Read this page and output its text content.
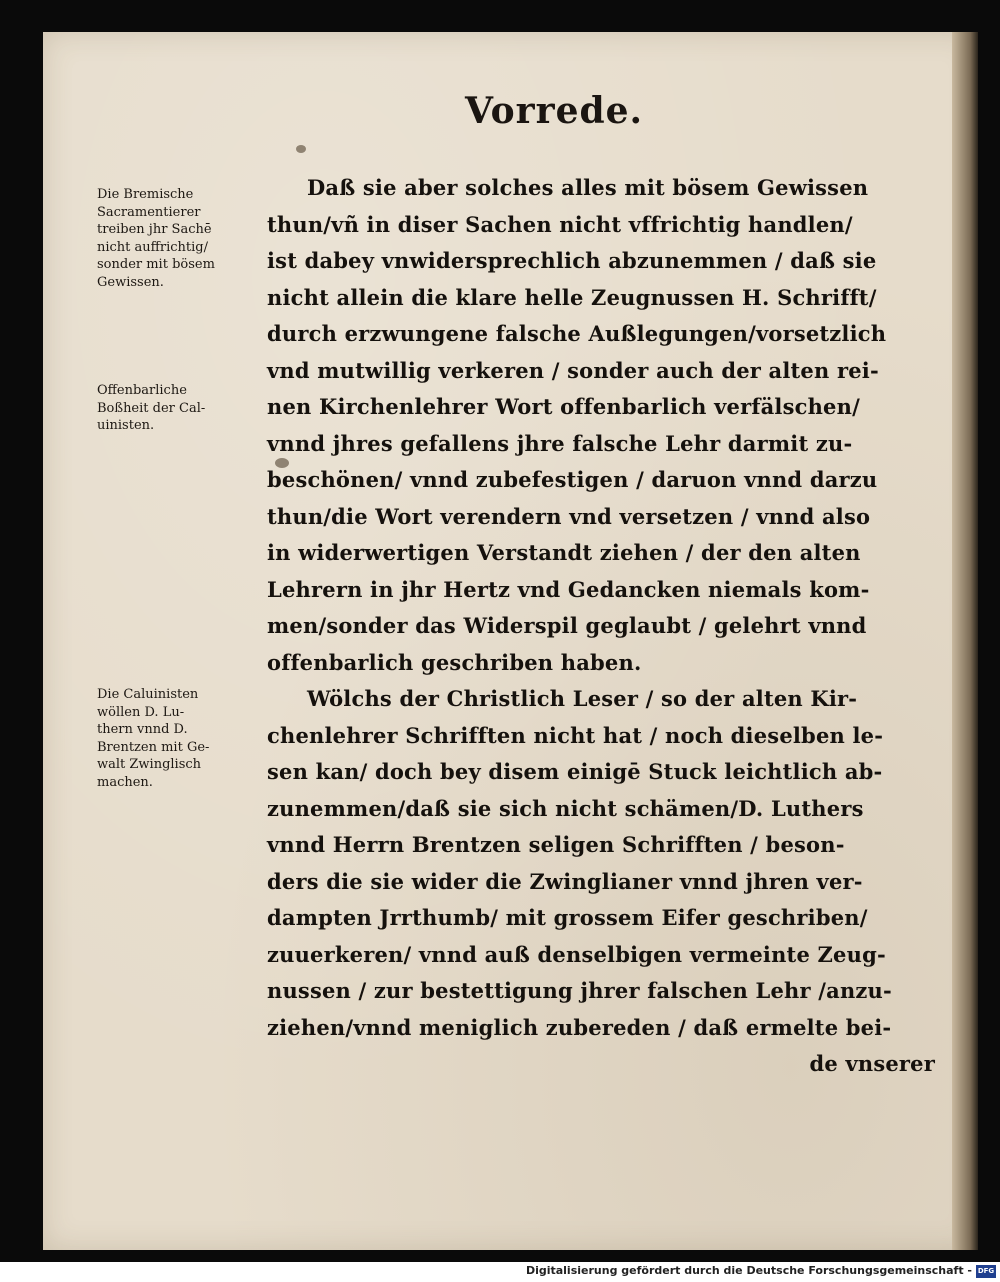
Vorrede.
Die Bremische
Sacramentierer
treiben jhr Sachē
nicht auffrichtig/
sonder mit bösem
Gewissen.
Offenbarliche
Boßheit der Cal-
uinisten.
Die Caluinisten
wöllen D. Lu-
thern vnnd D.
Brentzen mit Ge-
walt Zwinglisch
machen.
Daß sie aber solches alles mit bösem Gewissen
thun/vñ in diser Sachen nicht vffrichtig handlen/
ist dabey vnwidersprechlich abzunemmen / daß sie
nicht allein die klare helle Zeugnussen H. Schrifft/
durch erzwungene falsche Außlegungen/vorsetzlich
vnd mutwillig verkeren / sonder auch der alten rei-
nen Kirchenlehrer Wort offenbarlich verfälschen/
vnnd jhres gefallens jhre falsche Lehr darmit zu-
beschönen/ vnnd zubefestigen / daruon vnnd darzu
thun/die Wort verendern vnd versetzen / vnnd also
in widerwertigen Verstandt ziehen / der den alten
Lehrern in jhr Hertz vnd Gedancken niemals kom-
men/sonder das Widerspil geglaubt / gelehrt vnnd
offenbarlich geschriben haben.
Wölchs der Christlich Leser / so der alten Kir-
chenlehrer Schrifften nicht hat / noch dieselben le-
sen kan/ doch bey disem einigē Stuck leichtlich ab-
zunemmen/daß sie sich nicht schämen/D. Luthers
vnnd Herrn Brentzen seligen Schrifften / beson-
ders die sie wider die Zwinglianer vnnd jhren ver-
dampten Jrrthumb/ mit grossem Eifer geschriben/
zuuerkeren/ vnnd auß denselbigen vermeinte Zeug-
nussen / zur bestettigung jhrer falschen Lehr /anzu-
ziehen/vnnd meniglich zubereden / daß ermelte bei-
de vnserer
Digitalisierung gefördert durch die Deutsche Forschungsgemeinschaft - DFG
